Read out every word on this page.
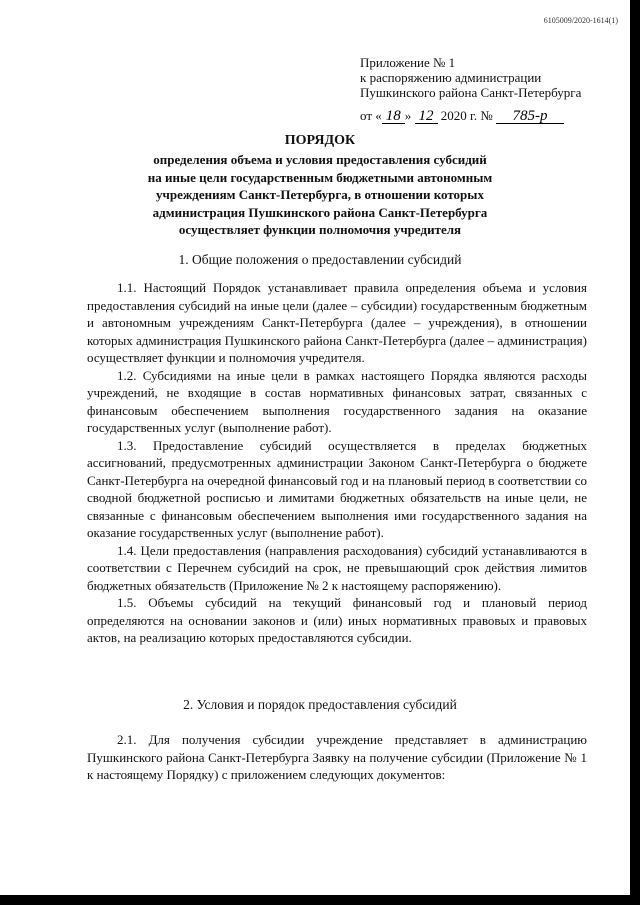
6105009/2020-1614(1)
Приложение № 1
к распоряжению администрации
Пушкинского района Санкт-Петербурга
от « 18 » 12 2020 г. № 785-р
ПОРЯДОК
определения объема и условия предоставления субсидий
на иные цели государственным бюджетными автономным
учреждениям Санкт-Петербурга, в отношении которых
администрация Пушкинского района Санкт-Петербурга
осуществляет функции полномочия учредителя
1. Общие положения о предоставлении субсидий

1.1. Настоящий Порядок устанавливает правила определения объема и условия предоставления субсидий на иные цели (далее – субсидии) государственным бюджетным и автономным учреждениям Санкт-Петербурга (далее – учреждения), в отношении которых администрация Пушкинского района Санкт-Петербурга (далее – администрация) осуществляет функции и полномочия учредителя.

1.2. Субсидиями на иные цели в рамках настоящего Порядка являются расходы учреждений, не входящие в состав нормативных финансовых затрат, связанных с финансовым обеспечением выполнения государственного задания на оказание государственных услуг (выполнение работ).

1.3. Предоставление субсидий осуществляется в пределах бюджетных ассигнований, предусмотренных администрации Законом Санкт-Петербурга о бюджете Санкт-Петербурга на очередной финансовый год и на плановый период в соответствии со сводной бюджетной росписью и лимитами бюджетных обязательств на иные цели, не связанные с финансовым обеспечением выполнения ими государственного задания на оказание государственных услуг (выполнение работ).

1.4. Цели предоставления (направления расходования) субсидий устанавливаются в соответствии с Перечнем субсидий на срок, не превышающий срок действия лимитов бюджетных обязательств (Приложение № 2 к настоящему распоряжению).

1.5. Объемы субсидий на текущий финансовый год и плановый период определяются на основании законов и (или) иных нормативных правовых и правовых актов, на реализацию которых предоставляются субсидии.

2. Условия и порядок предоставления субсидий

2.1. Для получения субсидии учреждение представляет в администрацию Пушкинского района Санкт-Петербурга Заявку на получение субсидии (Приложение № 1 к настоящему Порядку) с приложением следующих документов:
